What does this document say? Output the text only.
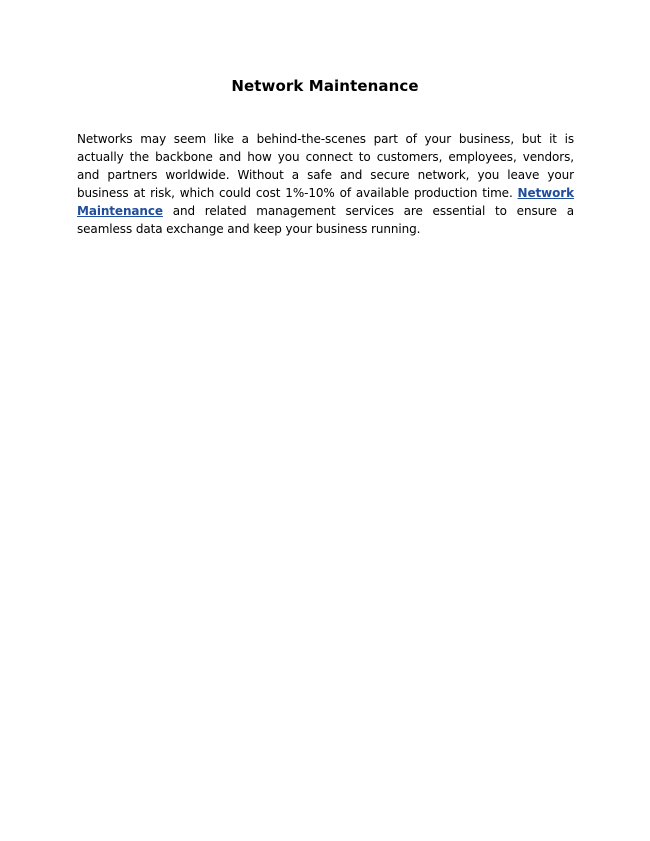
Network Maintenance

Networks may seem like a behind-the-scenes part of your business, but it is actually the backbone and how you connect to customers, employees, vendors, and partners worldwide. Without a safe and secure network, you leave your business at risk, which could cost 1%-10% of available production time. Network Maintenance and related management services are essential to ensure a seamless data exchange and keep your business running.
